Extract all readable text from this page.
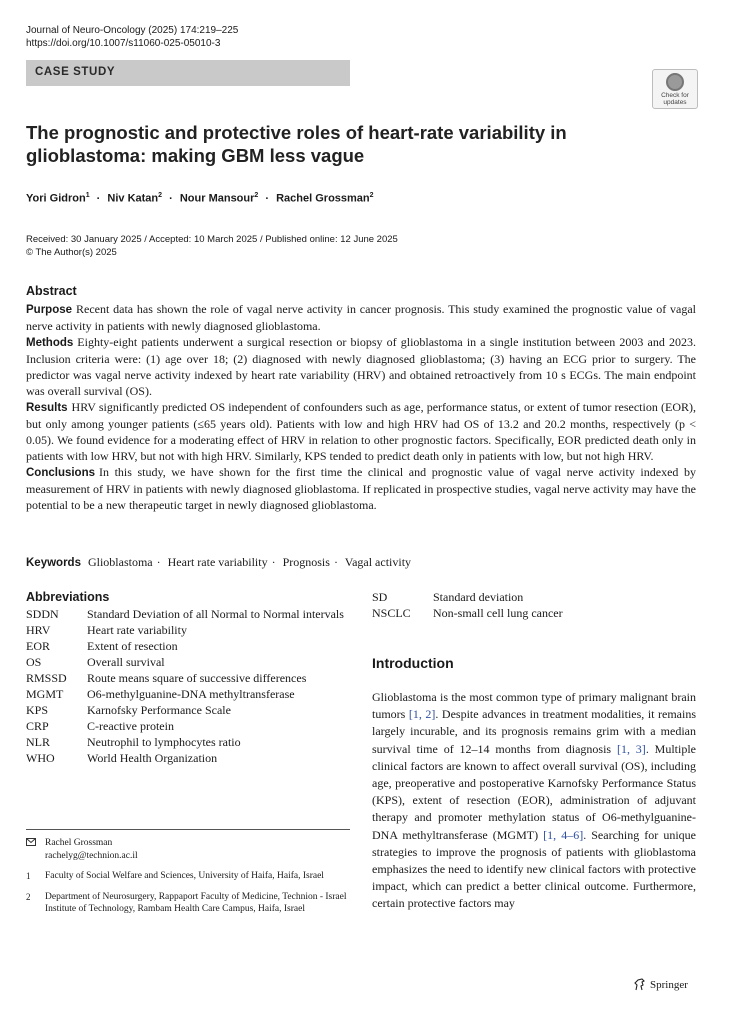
Journal of Neuro-Oncology (2025) 174:219–225
https://doi.org/10.1007/s11060-025-05010-3
CASE STUDY
Check for
updates
The prognostic and protective roles of heart-rate variability in glioblastoma: making GBM less vague
Yori Gidron$^1$ · Niv Katan$^2$ · Nour Mansour$^2$ · Rachel Grossman$^2$
Received: 30 January 2025 / Accepted: 10 March 2025 / Published online: 12 June 2025
© The Author(s) 2025
Abstract

Purpose Recent data has shown the role of vagal nerve activity in cancer prognosis. This study examined the prognostic value of vagal nerve activity in patients with newly diagnosed glioblastoma.

Methods Eighty-eight patients underwent a surgical resection or biopsy of glioblastoma in a single institution between 2003 and 2023. Inclusion criteria were: (1) age over 18; (2) diagnosed with newly diagnosed glioblastoma; (3) having an ECG prior to surgery. The predictor was vagal nerve activity indexed by heart rate variability (HRV) and obtained retroactively from 10 s ECGs. The main endpoint was overall survival (OS).

Results HRV significantly predicted OS independent of confounders such as age, performance status, or extent of tumor resection (EOR), but only among younger patients (≤65 years old). Patients with low and high HRV had OS of 13.2 and 20.2 months, respectively (p < 0.05). We found evidence for a moderating effect of HRV in relation to other prognostic factors. Specifically, EOR predicted death only in patients with low HRV, but not with high HRV. Similarly, KPS tended to predict death only in patients with low, but not high HRV.

Conclusions In this study, we have shown for the first time the clinical and prognostic value of vagal nerve activity indexed by measurement of HRV in patients with newly diagnosed glioblastoma. If replicated in prospective studies, vagal nerve activity may have the potential to be a new therapeutic target in newly diagnosed glioblastoma.

Keywords Glioblastoma · Heart rate variability · Prognosis · Vagal activity
Abbreviations
SDDN	Standard Deviation of all Normal to Normal intervals
HRV	Heart rate variability
EOR	Extent of resection
OS	Overall survival
RMSSD	Route means square of successive differences
MGMT	O6-methylguanine-DNA methyltransferase
KPS	Karnofsky Performance Scale
CRP	C-reactive protein
NLR	Neutrophil to lymphocytes ratio
WHO	World Health Organization
SD	Standard deviation
NSCLC	Non-small cell lung cancer
Introduction
Glioblastoma is the most common type of primary malignant brain tumors [1, 2]. Despite advances in treatment modalities, it remains largely incurable, and its prognosis remains grim with a median survival time of 12–14 months from diagnosis [1, 3]. Multiple clinical factors are known to affect overall survival (OS), including age, preoperative and postoperative Karnofsky Performance Status (KPS), extent of resection (EOR), administration of adjuvant therapy and promoter methylation status of O6-methylguanine-DNA methyltransferase (MGMT) [1, 4–6]. Searching for unique strategies to improve the prognosis of patients with glioblastoma emphasizes the need to identify new clinical factors with protective impact, which can predict a better clinical outcome. Furthermore, certain protective factors may
Rachel Grossman
rachelyg@technion.ac.il
1	Faculty of Social Welfare and Sciences, University of Haifa, Haifa, Israel
2	Department of Neurosurgery, Rappaport Faculty of Medicine, Technion - Israel Institute of Technology, Rambam Health Care Campus, Haifa, Israel
Springer
